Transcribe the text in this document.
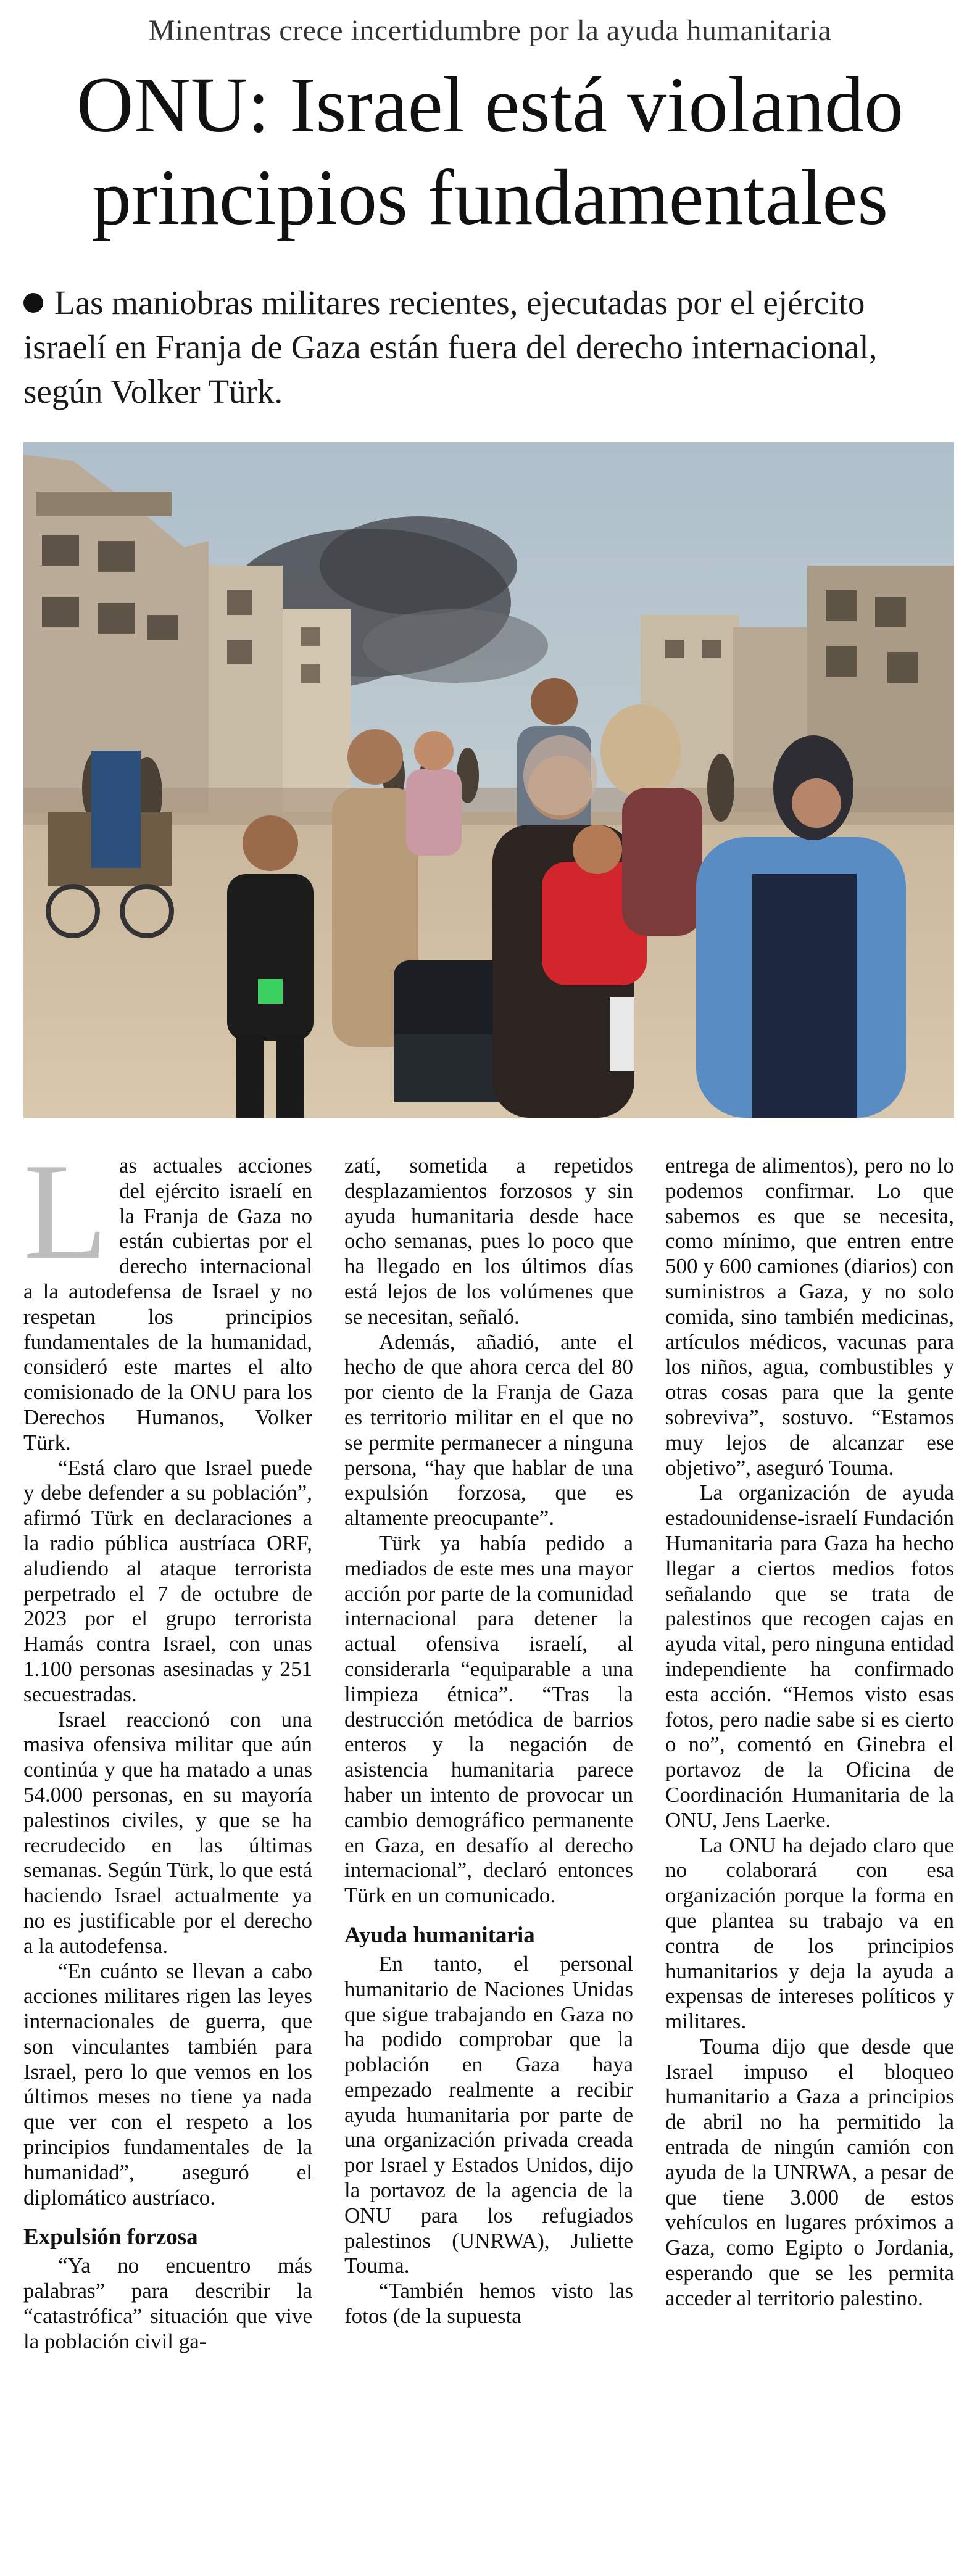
Minentras crece incertidumbre por la ayuda humanitaria
ONU: Israel está violando
principios fundamentales
Las maniobras militares recientes, ejecutadas por el ejército israelí en Franja de Gaza están fuera del derecho internacional, según Volker Türk.

Las actuales acciones del ejército israelí en la Franja de Gaza no están cubiertas por el derecho internacional a la autodefensa de Israel y no respetan los principios fundamentales de la humanidad, consideró este martes el alto comisionado de la ONU para los Derechos Humanos, Volker Türk.

“Está claro que Israel puede y debe defender a su población”, afirmó Türk en declaraciones a la radio pública austríaca ORF, aludiendo al ataque terrorista perpetrado el 7 de octubre de 2023 por el grupo terrorista Hamás contra Israel, con unas 1.100 personas asesinadas y 251 secuestradas.

Israel reaccionó con una masiva ofensiva militar que aún continúa y que ha matado a unas 54.000 personas, en su mayoría palestinos civiles, y que se ha recrudecido en las últimas semanas. Según Türk, lo que está haciendo Israel actualmente ya no es justificable por el derecho a la autodefensa.

“En cuánto se llevan a cabo acciones militares rigen las leyes internacionales de guerra, que son vinculantes también para Israel, pero lo que vemos en los últimos meses no tiene ya nada que ver con el respeto a los principios fundamentales de la humanidad”, aseguró el diplomático austríaco.

Expulsión forzosa

“Ya no encuentro más palabras” para describir la “catastrófica” situación que vive la población civil ga-

zatí, sometida a repetidos desplazamientos forzosos y sin ayuda humanitaria desde hace ocho semanas, pues lo poco que ha llegado en los últimos días está lejos de los volúmenes que se necesitan, señaló.

Además, añadió, ante el hecho de que ahora cerca del 80 por ciento de la Franja de Gaza es territorio militar en el que no se permite permanecer a ninguna persona, “hay que hablar de una expulsión forzosa, que es altamente preocupante”.

Türk ya había pedido a mediados de este mes una mayor acción por parte de la comunidad internacional para detener la actual ofensiva israelí, al considerarla “equiparable a una limpieza étnica”. “Tras la destrucción metódica de barrios enteros y la negación de asistencia humanitaria parece haber un intento de provocar un cambio demográfico permanente en Gaza, en desafío al derecho internacional”, declaró entonces Türk en un comunicado.

Ayuda humanitaria

En tanto, el personal humanitario de Naciones Unidas que sigue trabajando en Gaza no ha podido comprobar que la población en Gaza haya empezado realmente a recibir ayuda humanitaria por parte de una organización privada creada por Israel y Estados Unidos, dijo la portavoz de la agencia de la ONU para los refugiados palestinos (UNRWA), Juliette Touma.

“También hemos visto las fotos (de la supuesta

entrega de alimentos), pero no lo podemos confirmar. Lo que sabemos es que se necesita, como mínimo, que entren entre 500 y 600 camiones (diarios) con suministros a Gaza, y no solo comida, sino también medicinas, artículos médicos, vacunas para los niños, agua, combustibles y otras cosas para que la gente sobreviva”, sostuvo. “Estamos muy lejos de alcanzar ese objetivo”, aseguró Touma.

La organización de ayuda estadounidense-israelí Fundación Humanitaria para Gaza ha hecho llegar a ciertos medios fotos señalando que se trata de palestinos que recogen cajas en ayuda vital, pero ninguna entidad independiente ha confirmado esta acción. “Hemos visto esas fotos, pero nadie sabe si es cierto o no”, comentó en Ginebra el portavoz de la Oficina de Coordinación Humanitaria de la ONU, Jens Laerke.

La ONU ha dejado claro que no colaborará con esa organización porque la forma en que plantea su trabajo va en contra de los principios humanitarios y deja la ayuda a expensas de intereses políticos y militares.

Touma dijo que desde que Israel impuso el bloqueo humanitario a Gaza a principios de abril no ha permitido la entrada de ningún camión con ayuda de la UNRWA, a pesar de que tiene 3.000 de estos vehículos en lugares próximos a Gaza, como Egipto o Jordania, esperando que se les permita acceder al territorio palestino.
